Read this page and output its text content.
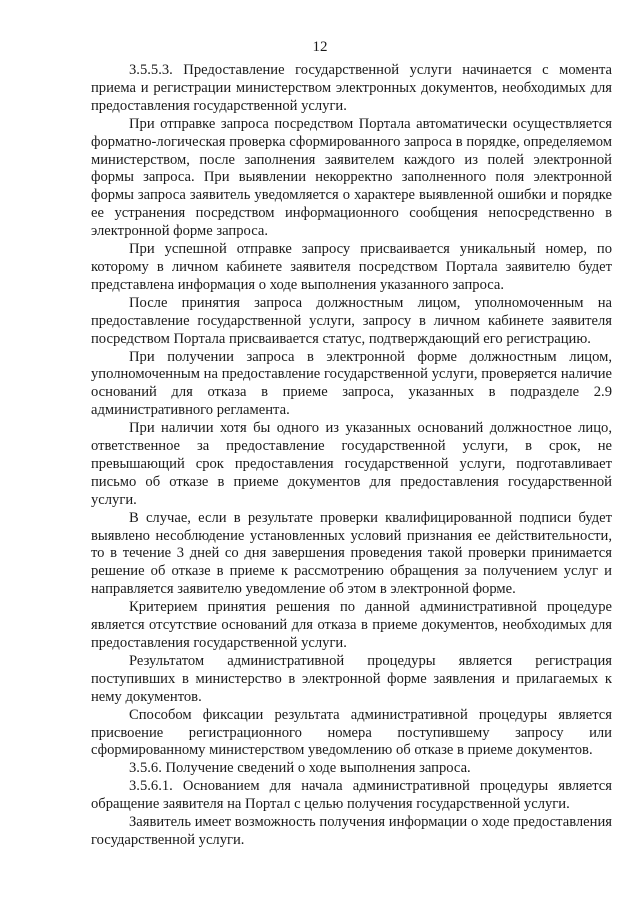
12

3.5.5.3. Предоставление государственной услуги начинается с момента приема и регистрации министерством электронных документов, необходимых для предоставления государственной услуги.

При отправке запроса посредством Портала автоматически осуществляется форматно-логическая проверка сформированного запроса в порядке, определяемом министерством, после заполнения заявителем каждого из полей электронной формы запроса. При выявлении некорректно заполненного поля электронной формы запроса заявитель уведомляется о характере выявленной ошибки и порядке ее устранения посредством информационного сообщения непосредственно в электронной форме запроса.

При успешной отправке запросу присваивается уникальный номер, по которому в личном кабинете заявителя посредством Портала заявителю будет представлена информация о ходе выполнения указанного запроса.

После принятия запроса должностным лицом, уполномоченным на предоставление государственной услуги, запросу в личном кабинете заявителя посредством Портала присваивается статус, подтверждающий его регистрацию.

При получении запроса в электронной форме должностным лицом, уполномоченным на предоставление государственной услуги, проверяется наличие оснований для отказа в приеме запроса, указанных в подразделе 2.9 административного регламента.

При наличии хотя бы одного из указанных оснований должностное лицо, ответственное за предоставление государственной услуги, в срок, не превышающий срок предоставления государственной услуги, подготавливает письмо об отказе в приеме документов для предоставления государственной услуги.

В случае, если в результате проверки квалифицированной подписи будет выявлено несоблюдение установленных условий признания ее действительности, то в течение 3 дней со дня завершения проведения такой проверки принимается решение об отказе в приеме к рассмотрению обращения за получением услуг и направляется заявителю уведомление об этом в электронной форме.

Критерием принятия решения по данной административной процедуре является отсутствие оснований для отказа в приеме документов, необходимых для предоставления государственной услуги.

Результатом административной процедуры является регистрация поступивших в министерство в электронной форме заявления и прилагаемых к нему документов.

Способом фиксации результата административной процедуры является присвоение регистрационного номера поступившему запросу или сформированному министерством уведомлению об отказе в приеме документов.

3.5.6. Получение сведений о ходе выполнения запроса.

3.5.6.1. Основанием для начала административной процедуры является обращение заявителя на Портал с целью получения государственной услуги.

Заявитель имеет возможность получения информации о ходе предоставления государственной услуги.
